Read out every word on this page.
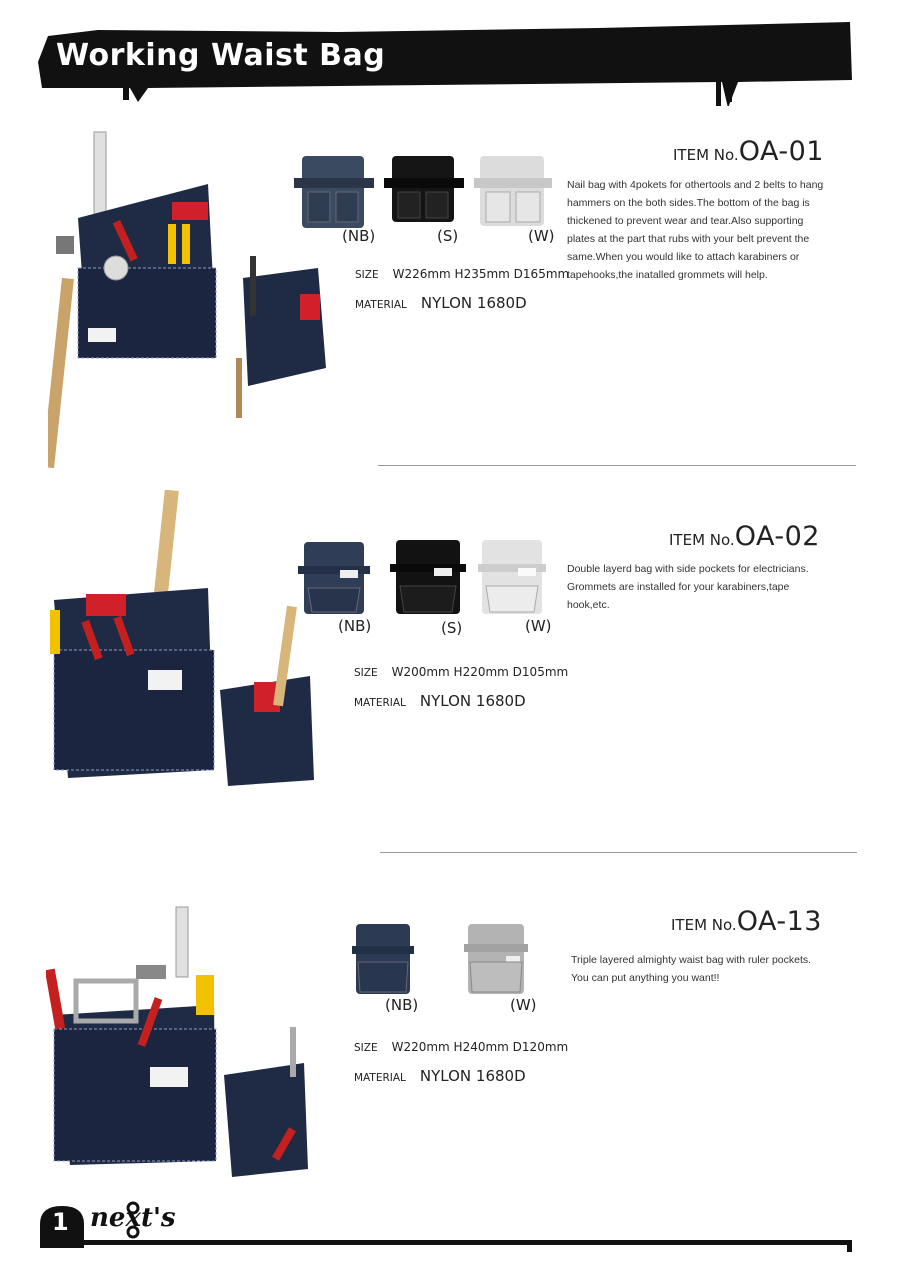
Working Waist Bag
(NB)	(S)	(W)
SIZE W226mm H235mm D165mm
MATERIAL NYLON 1680D
ITEM No.OA-01
Nail bag with 4pokets for othertools and 2 belts to hang hammers on the both sides.The bottom of the bag is thickened to prevent wear and tear.Also supporting plates at the part that rubs with your belt prevent the same.When you would like to attach karabiners or tapehooks,the inatalled grommets will help.
(NB)	(S)	(W)
SIZE W200mm H220mm D105mm
MATERIAL NYLON 1680D
ITEM No.OA-02
Double layerd bag with side pockets for electricians. Grommets are installed for your karabiners,tape hook,etc.
(NB)	(W)
SIZE W220mm H240mm D120mm
MATERIAL NYLON 1680D
ITEM No.OA-13
Triple layered almighty waist bag with ruler pockets. You can put anything you want!!
1 next's
